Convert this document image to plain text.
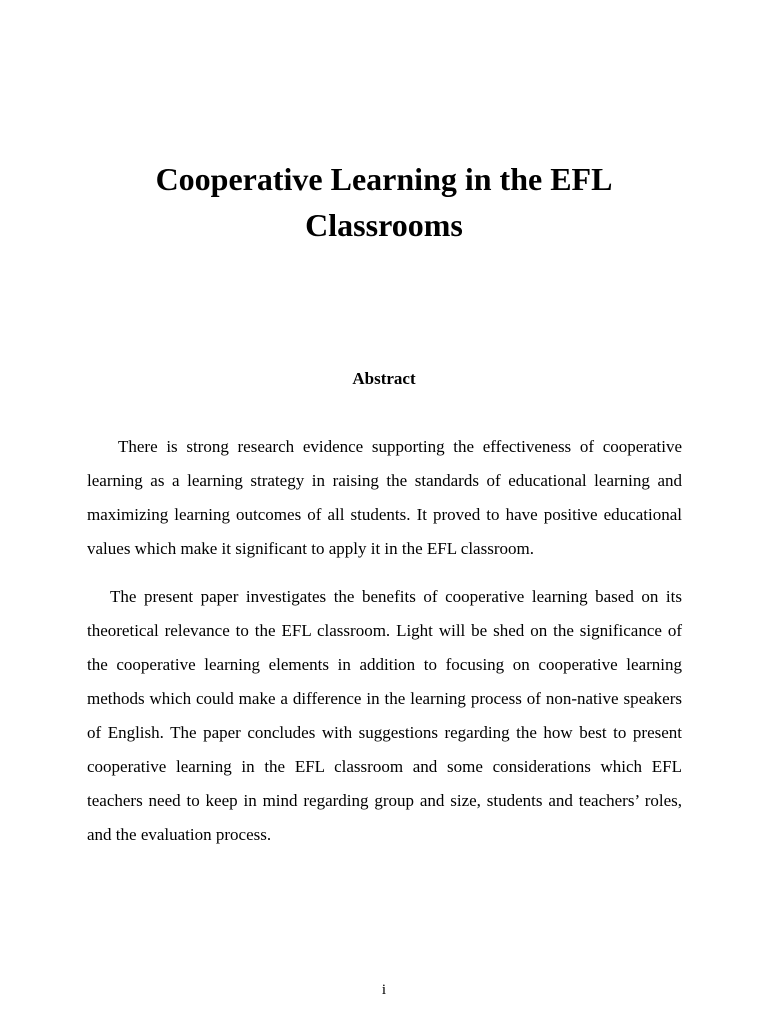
Cooperative Learning in the EFL
Classrooms
Abstract

There is strong research evidence supporting the effectiveness of cooperative learning as a learning strategy in raising the standards of educational learning and maximizing learning outcomes of all students. It proved to have positive educational values which make it significant to apply it in the EFL classroom.

The present paper investigates the benefits of cooperative learning based on its theoretical relevance to the EFL classroom. Light will be shed on the significance of the cooperative learning elements in addition to focusing on cooperative learning methods which could make a difference in the learning process of non-native speakers of English. The paper concludes with suggestions regarding the how best to present cooperative learning in the EFL classroom and some considerations which EFL teachers need to keep in mind regarding group and size, students and teachers’ roles, and the evaluation process.

i
